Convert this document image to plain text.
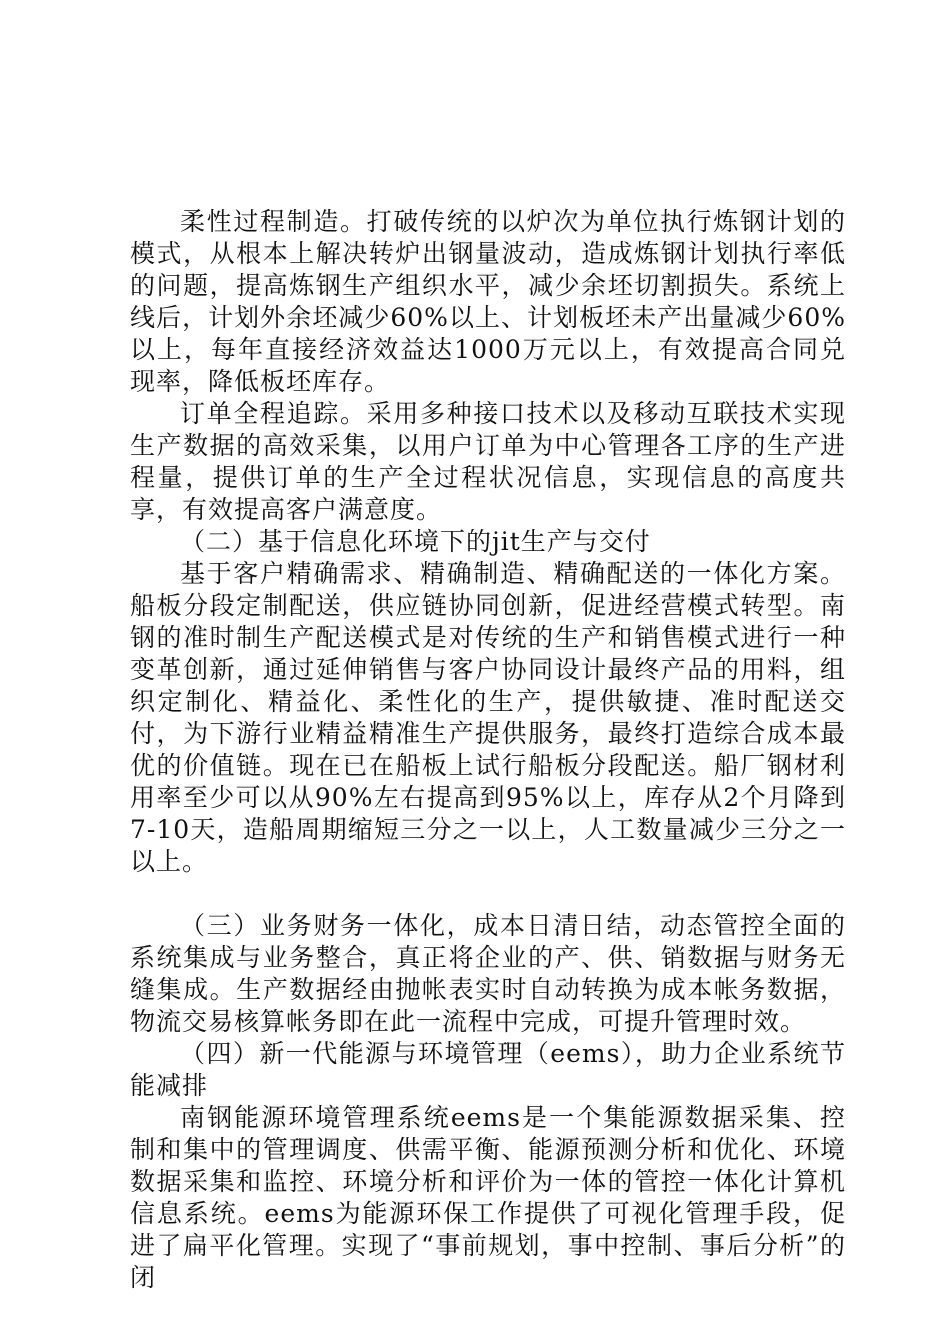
柔性过程制造。打破传统的以炉次为单位执行炼钢计划的模式，从根本上解决转炉出钢量波动，造成炼钢计划执行率低的问题，提高炼钢生产组织水平，减少余坯切割损失。系统上线后，计划外余坯减少60%以上、计划板坯未产出量减少60%以上，每年直接经济效益达1000万元以上，有效提高合同兑现率，降低板坯库存。

订单全程追踪。采用多种接口技术以及移动互联技术实现生产数据的高效采集，以用户订单为中心管理各工序的生产进程量，提供订单的生产全过程状况信息，实现信息的高度共享，有效提高客户满意度。

（二）基于信息化环境下的jit生产与交付

基于客户精确需求、精确制造、精确配送的一体化方案。船板分段定制配送，供应链协同创新，促进经营模式转型。南钢的准时制生产配送模式是对传统的生产和销售模式进行一种变革创新，通过延伸销售与客户协同设计最终产品的用料，组织定制化、精益化、柔性化的生产，提供敏捷、准时配送交付，为下游行业精益精准生产提供服务，最终打造综合成本最优的价值链。现在已在船板上试行船板分段配送。船厂钢材利用率至少可以从90%左右提高到95%以上，库存从2个月降到7-10天，造船周期缩短三分之一以上，人工数量减少三分之一以上。

（三）业务财务一体化，成本日清日结，动态管控全面的系统集成与业务整合，真正将企业的产、供、销数据与财务无缝集成。生产数据经由抛帐表实时自动转换为成本帐务数据，物流交易核算帐务即在此一流程中完成，可提升管理时效。

（四）新一代能源与环境管理（eems），助力企业系统节能减排

南钢能源环境管理系统eems是一个集能源数据采集、控制和集中的管理调度、供需平衡、能源预测分析和优化、环境数据采集和监控、环境分析和评价为一体的管控一体化计算机信息系统。eems为能源环保工作提供了可视化管理手段，促进了扁平化管理。实现了“事前规划，事中控制、事后分析”的闭
